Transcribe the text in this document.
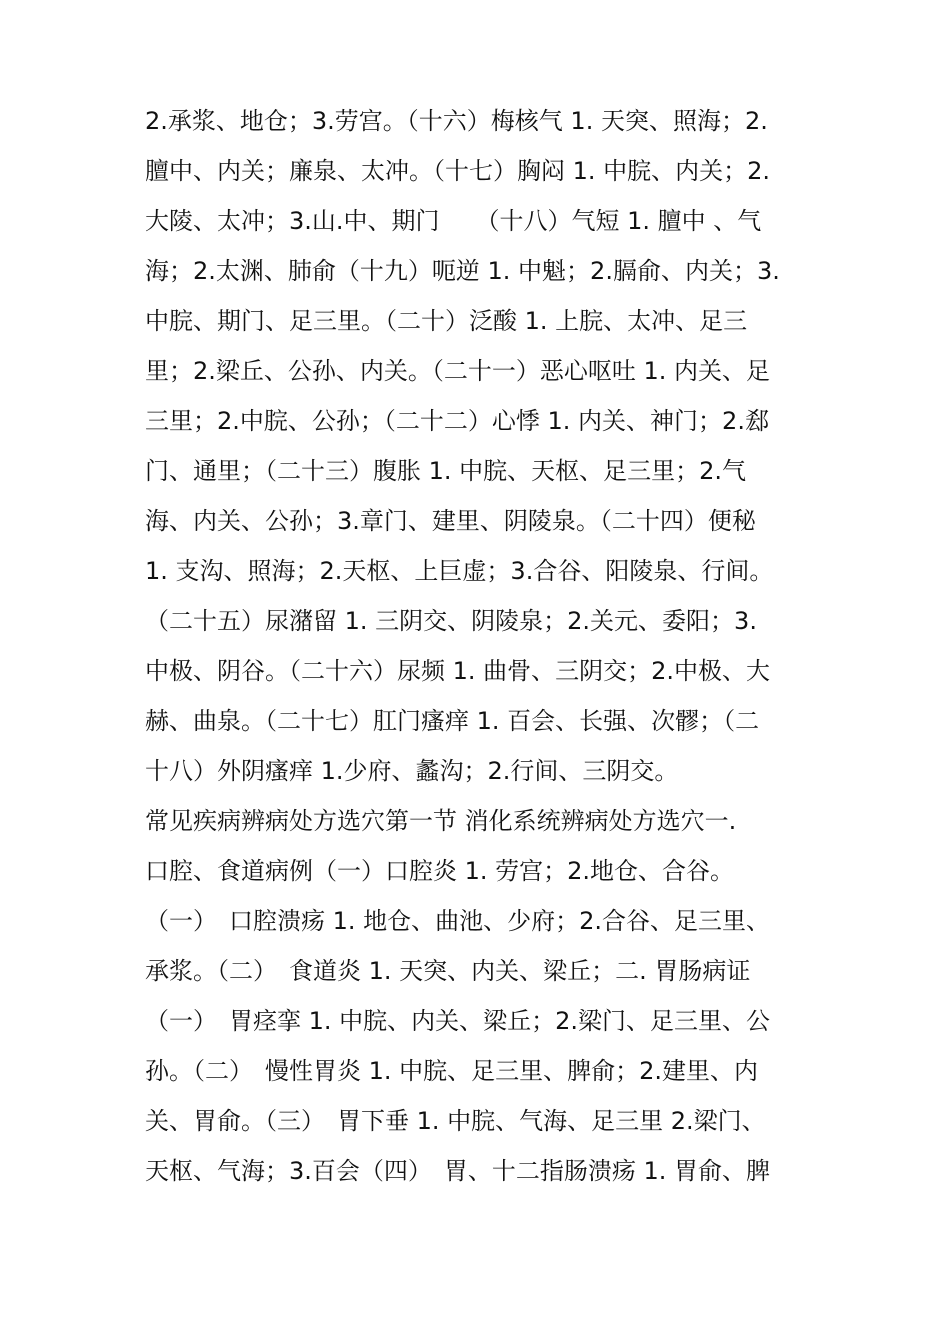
2.承浆、地仓；3.劳宫。（十六）梅核气 1. 天突、照海；2.
膻中、内关；廉泉、太冲。（十七）胸闷 1. 中脘、内关；2.
大陵、太冲；3.山.中、期门　　（十八）气短 1. 膻中 、气
海；2.太渊、肺俞（十九）呃逆 1. 中魁；2.膈俞、内关；3.
中脘、期门、足三里。（二十）泛酸 1. 上脘、太冲、足三
里；2.梁丘、公孙、内关。（二十一）恶心呕吐 1. 内关、足
三里；2.中脘、公孙；（二十二）心悸 1. 内关、神门；2.郄
门、通里；（二十三）腹胀 1. 中脘、天枢、足三里；2.气
海、内关、公孙；3.章门、建里、阴陵泉。（二十四）便秘
1. 支沟、照海；2.天枢、上巨虚；3.合谷、阳陵泉、行间。
（二十五）尿潴留 1. 三阴交、阴陵泉；2.关元、委阳；3.
中极、阴谷。（二十六）尿频 1. 曲骨、三阴交；2.中极、大
赫、曲泉。（二十七）肛门瘙痒 1. 百会、长强、次髎；（二
十八）外阴瘙痒 1.少府、蠡沟；2.行间、三阴交。
常见疾病辨病处方选穴第一节 消化系统辨病处方选穴一.
口腔、食道病例（一）口腔炎 1. 劳宫；2.地仓、合谷。
（一）　口腔溃疡 1. 地仓、曲池、少府；2.合谷、足三里、
承浆。（二）　食道炎 1. 天突、内关、梁丘；二. 胃肠病证
（一）　胃痉挛 1. 中脘、内关、梁丘；2.梁门、足三里、公
孙。（二）　慢性胃炎 1. 中脘、足三里、脾俞；2.建里、内
关、胃俞。（三）　胃下垂 1. 中脘、气海、足三里 2.梁门、
天枢、气海；3.百会（四）　胃、十二指肠溃疡 1. 胃俞、脾
